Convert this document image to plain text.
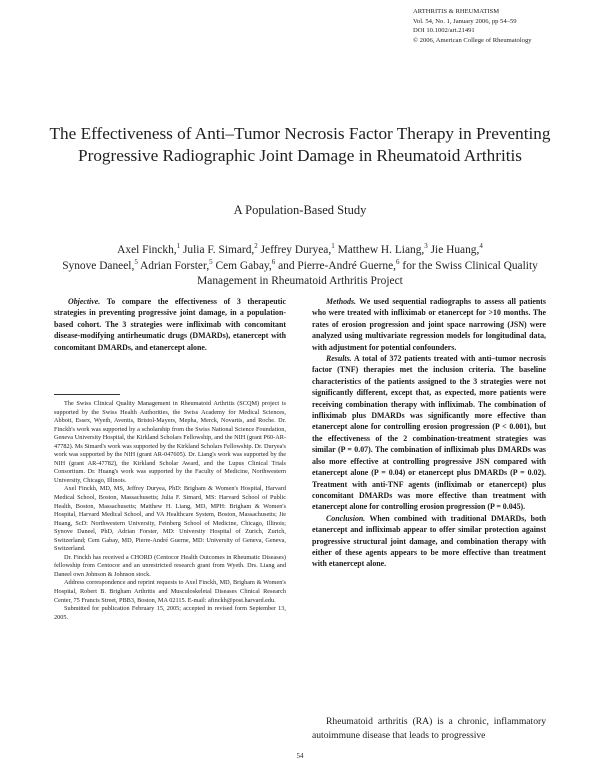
ARTHRITIS & RHEUMATISM
Vol. 54, No. 1, January 2006, pp 54–59
DOI 10.1002/art.21491
© 2006, American College of Rheumatology
The Effectiveness of Anti–Tumor Necrosis Factor Therapy in Preventing Progressive Radiographic Joint Damage in Rheumatoid Arthritis
A Population-Based Study
Axel Finckh,$^1$ Julia F. Simard,$^2$ Jeffrey Duryea,$^1$ Matthew H. Liang,$^3$ Jie Huang,$^4$
Synove Daneel,$^5$ Adrian Forster,$^5$ Cem Gabay,$^6$ and Pierre-André Guerne,$^6$ for the Swiss Clinical Quality Management in Rheumatoid Arthritis Project

Objective. To compare the effectiveness of 3 therapeutic strategies in preventing progressive joint damage, in a population-based cohort. The 3 strategies were infliximab with concomitant disease-modifying antirheumatic drugs (DMARDs), etanercept with concomitant DMARDs, and etanercept alone.

The Swiss Clinical Quality Management in Rheumatoid Arthritis (SCQM) project is supported by the Swiss Health Authorities, the Swiss Academy for Medical Sciences, Abbott, Essex, Wyeth, Aventis, Bristol-Mayers, Mepha, Merck, Novartis, and Roche. Dr. Finckh's work was supported by a scholarship from the Swiss National Science Foundation, Geneva University Hospital, the Kirkland Scholars Fellowship, and the NIH (grant P60-AR-47782). Ms Simard's work was supported by the Kirkland Scholars Fellowship. Dr. Duryea's work was supported by the NIH (grant AR-047605). Dr. Liang's work was supported by the NIH (grant AR-47782), the Kirkland Scholar Award, and the Lupus Clinical Trials Consortium. Dr. Huang's work was supported by the Faculty of Medicine, Northwestern University, Chicago, Illinois.

Axel Finckh, MD, MS, Jeffrey Duryea, PhD: Brigham & Women's Hospital, Harvard Medical School, Boston, Massachusetts; Julia F. Simard, MS: Harvard School of Public Health, Boston, Massachusetts; Matthew H. Liang, MD, MPH: Brigham & Women's Hospital, Harvard Medical School, and VA Healthcare System, Boston, Massachusetts; Jie Huang, ScD: Northwestern University, Feinberg School of Medicine, Chicago, Illinois; Synove Daneel, PhD, Adrian Forster, MD: University Hospital of Zurich, Zurich, Switzerland; Cem Gabay, MD, Pierre-André Guerne, MD: University of Geneva, Geneva, Switzerland.

Dr. Finckh has received a CHORD (Centocor Health Outcomes in Rheumatic Diseases) fellowship from Centocor and an unrestricted research grant from Wyeth. Drs. Liang and Daneel own Johnson & Johnson stock.

Address correspondence and reprint requests to Axel Finckh, MD, Brigham & Women's Hospital, Robert B. Brigham Arthritis and Musculoskeletal Diseases Clinical Research Center, 75 Francis Street, PBB3, Boston, MA 02115. E-mail: afinckh@post.harvard.edu.

Submitted for publication February 15, 2005; accepted in revised form September 13, 2005.

Methods. We used sequential radiographs to assess all patients who were treated with infliximab or etanercept for >10 months. The rates of erosion progression and joint space narrowing (JSN) were analyzed using multivariate regression models for longitudinal data, with adjustment for potential confounders.

Results. A total of 372 patients treated with anti–tumor necrosis factor (TNF) therapies met the inclusion criteria. The baseline characteristics of the patients assigned to the 3 strategies were not significantly different, except that, as expected, more patients were receiving combination therapy with infliximab. The combination of infliximab plus DMARDs was significantly more effective than etanercept alone for controlling erosion progression (P < 0.001), but the effectiveness of the 2 combination-treatment strategies was similar (P = 0.07). The combination of infliximab plus DMARDs was also more effective at controlling progressive JSN compared with etanercept alone (P = 0.04) or etanercept plus DMARDs (P = 0.02). Treatment with anti-TNF agents (infliximab or etanercept) plus concomitant DMARDs was more effective than treatment with etanercept alone for controlling erosion progression (P = 0.045).

Conclusion. When combined with traditional DMARDs, both etanercept and infliximab appear to offer similar protection against progressive structural joint damage, and combination therapy with either of these agents appears to be more effective than treatment with etanercept alone.

Rheumatoid arthritis (RA) is a chronic, inflammatory autoimmune disease that leads to progressive

54
